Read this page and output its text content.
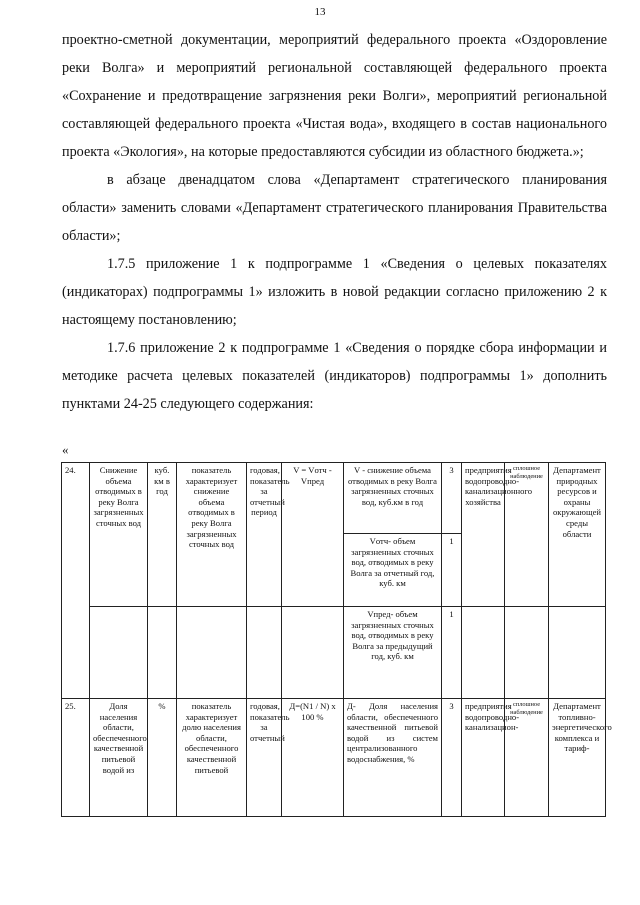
13

проектно-сметной документации, мероприятий федерального проекта «Оздоровление реки Волга» и мероприятий региональной составляющей федерального проекта «Сохранение и предотвращение загрязнения реки Волги», мероприятий региональной составляющей федерального проекта «Чистая вода», входящего в состав национального проекта «Экология», на которые предоставляются субсидии из областного бюджета.»;

в абзаце двенадцатом слова «Департамент стратегического планирования области» заменить словами «Департамент стратегического планирования Правительства области»;

1.7.5 приложение 1 к подпрограмме 1 «Сведения о целевых показателях (индикаторах) подпрограммы 1» изложить в новой редакции согласно приложению 2 к настоящему постановлению;

1.7.6 приложение 2 к подпрограмме 1 «Сведения о порядке сбора информации и методике расчета целевых показателей (индикаторов) подпрограммы 1» дополнить пунктами 24-25 следующего содержания:

«
24.	Снижение объема отводимых в реку Волга загрязненных сточных вод	куб. км в год	показатель характеризует снижение объема отводимых в реку Волга загрязненных сточных вод	годовая, показатель за отчетный период	V = Vотч - Vпред	V - снижение объема отводимых в реку Волга загрязненных сточных вод, куб.км в год	3	предприятия водопроводно-канализационного хозяйства	сплошное наблюдение	Департамент природных ресурсов и охраны окружающей среды области
						Vотч- объем загрязненных сточных вод, отводимых в реку Волга за отчетный год, куб. км	1			
						Vпред- объем загрязненных сточных вод, отводимых в реку Волга за предыдущий год, куб. км	1			
25.	Доля населения области, обеспеченного качественной питьевой водой из	%	показатель характеризует долю населения области, обеспеченного качественной питьевой	годовая, показатель за отчетный	Д=(N1 / N) x 100 %	Д- Доля населения области, обеспеченного качественной питьевой водой из систем централизованного водоснабжения, %	3	предприятия водопроводно-канализацион-	сплошное наблюдение	Департамент топливно-энергетического комплекса и тариф-
